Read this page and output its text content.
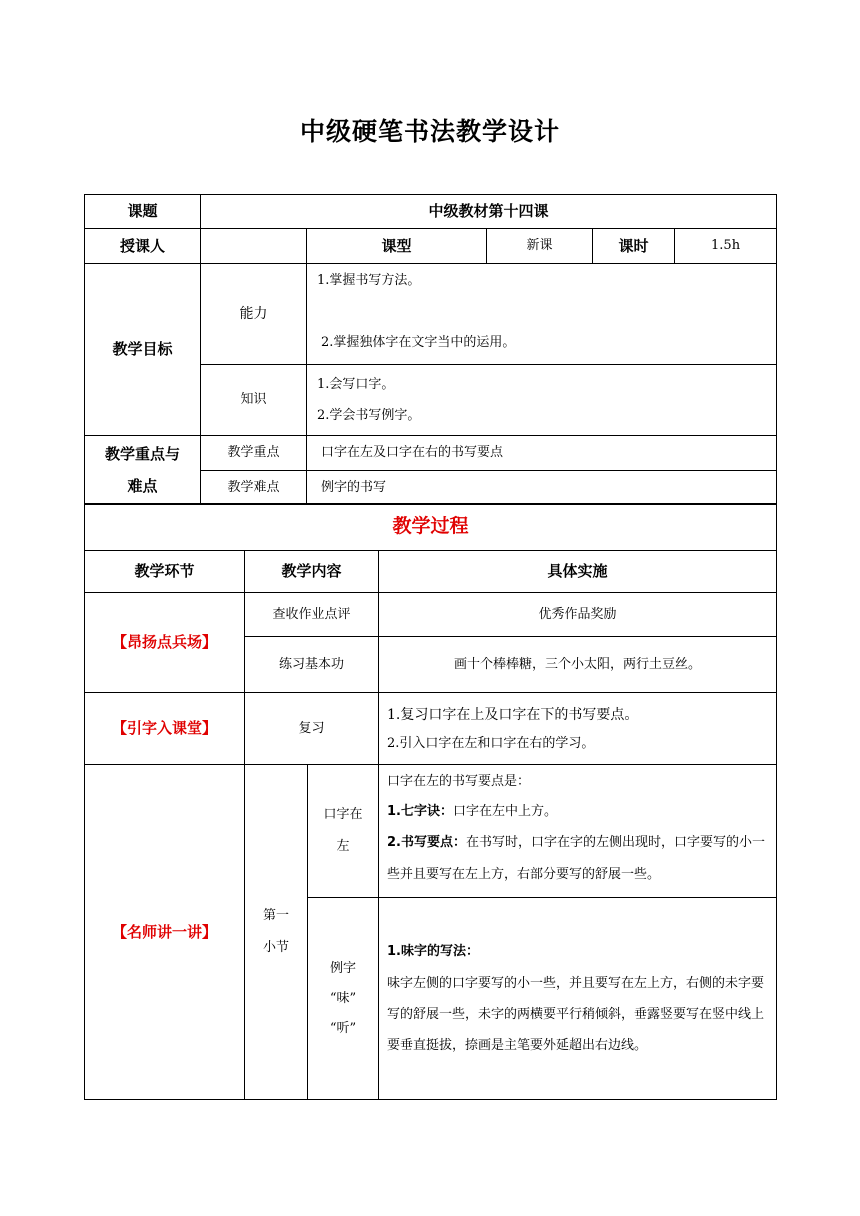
中级硬笔书法教学设计
课题	中级教材第十四课				
授课人		课型	新课	课时	1.5h
教学目标	能力	1.掌握书写方法。
2.掌握独体字在文字当中的运用。			

	知识	1.会写口字。
2.学会书写例字。			

教学重点与
难点	教学重点	口字在左及口字在右的书写要点			
	教学难点	例字的书写			
教学过程			
教学环节	教学内容		具体实施
【昂扬点兵场】	查收作业点评		优秀作品奖励
	练习基本功		画十个棒棒糖，三个小太阳，两行土豆丝。
【引字入课堂】	复习		1.复习口字在上及口字在下的书写要点。
2.引入口字在左和口字在右的学习。

【名师讲一讲】	第一
小节	口字在
左	口字在左的书写要点是：
1.七字诀：口字在左中上方。
2.书写要点：在书写时，口字在字的左侧出现时，口字要写的小一些并且要写在左上方，右部分要写的舒展一些。

		例字
“味”
“听”	1.味字的写法：
味字左侧的口字要写的小一些，并且要写在左上方，右侧的未字要写的舒展一些，未字的两横要平行稍倾斜，垂露竖要写在竖中线上要垂直挺拔，捺画是主笔要外延超出右边线。
